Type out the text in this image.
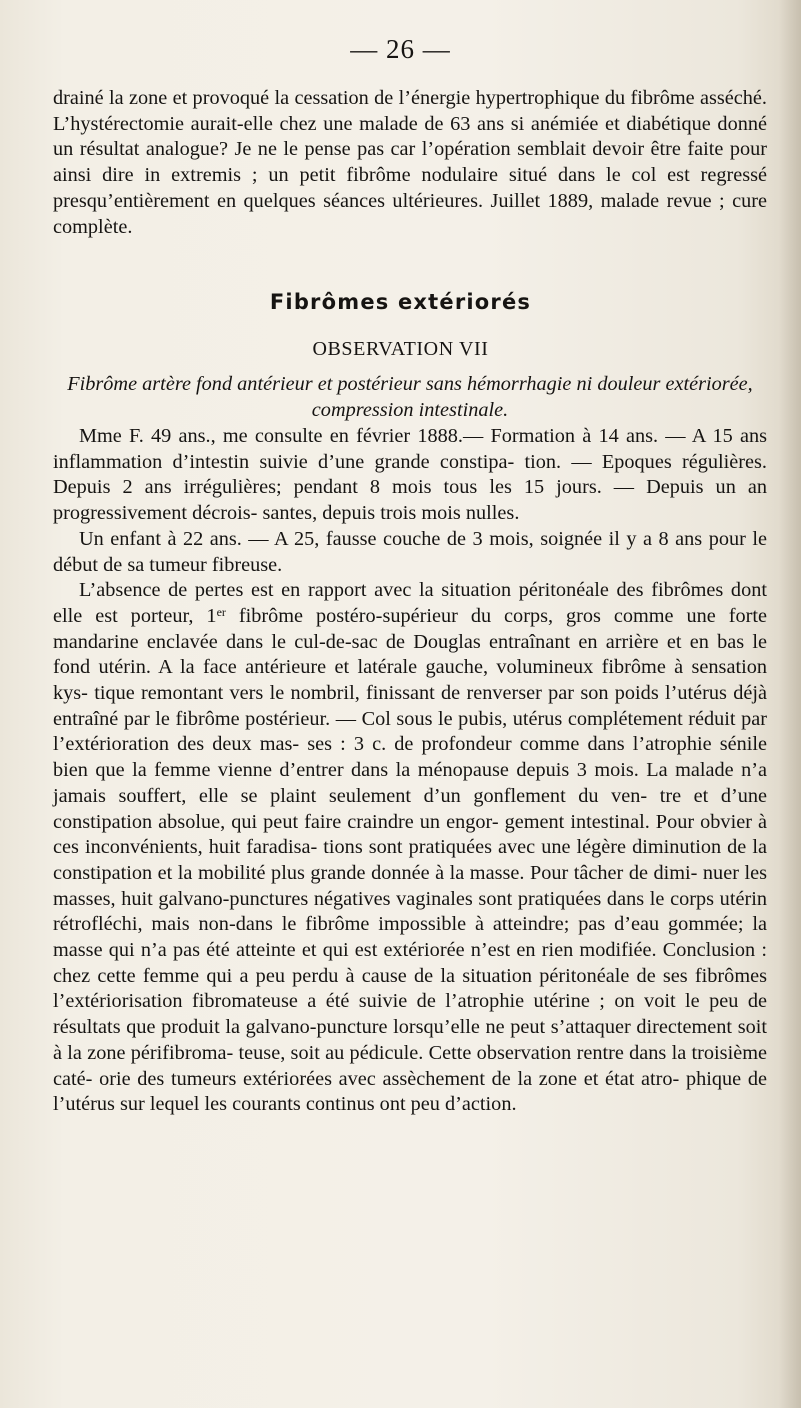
— 26 —

drainé la zone et provoqué la cessation de l’énergie hypertrophique du fibrôme asséché. L’hystérectomie aurait-elle chez une malade de 63 ans si anémiée et diabétique donné un résultat analogue? Je ne le pense pas car l’opération semblait devoir être faite pour ainsi dire in extremis ; un petit fibrôme nodulaire situé dans le col est regressé presqu’entièrement en quelques séances ultérieures. Juillet 1889, malade revue ; cure complète.

Fibrômes extériorés
OBSERVATION VII
Fibrôme artère fond antérieur et postérieur sans hémorrhagie ni douleur extériorée, compression intestinale.

Mme F. 49 ans., me consulte en février 1888.— Formation à 14 ans. — A 15 ans inflammation d’intestin suivie d’une grande constipa- tion. — Epoques régulières. Depuis 2 ans irrégulières; pendant 8 mois tous les 15 jours. — Depuis un an progressivement décrois- santes, depuis trois mois nulles.

Un enfant à 22 ans. — A 25, fausse couche de 3 mois, soignée il y a 8 ans pour le début de sa tumeur fibreuse.

L’absence de pertes est en rapport avec la situation péritonéale des fibrômes dont elle est porteur, 1er fibrôme postéro-supérieur du corps, gros comme une forte mandarine enclavée dans le cul-de-sac de Douglas entraînant en arrière et en bas le fond utérin. A la face antérieure et latérale gauche, volumineux fibrôme à sensation kys- tique remontant vers le nombril, finissant de renverser par son poids l’utérus déjà entraîné par le fibrôme postérieur. — Col sous le pubis, utérus complétement réduit par l’extérioration des deux mas- ses : 3 c. de profondeur comme dans l’atrophie sénile bien que la femme vienne d’entrer dans la ménopause depuis 3 mois. La malade n’a jamais souffert, elle se plaint seulement d’un gonflement du ven- tre et d’une constipation absolue, qui peut faire craindre un engor- gement intestinal. Pour obvier à ces inconvénients, huit faradisa- tions sont pratiquées avec une légère diminution de la constipation et la mobilité plus grande donnée à la masse. Pour tâcher de dimi- nuer les masses, huit galvano-punctures négatives vaginales sont pratiquées dans le corps utérin rétrofléchi, mais non-dans le fibrôme impossible à atteindre; pas d’eau gommée; la masse qui n’a pas été atteinte et qui est extériorée n’est en rien modifiée. Conclusion : chez cette femme qui a peu perdu à cause de la situation péritonéale de ses fibrômes l’extériorisation fibromateuse a été suivie de l’atrophie utérine ; on voit le peu de résultats que produit la galvano-puncture lorsqu’elle ne peut s’attaquer directement soit à la zone périfibroma- teuse, soit au pédicule. Cette observation rentre dans la troisième caté- orie des tumeurs extériorées avec assèchement de la zone et état atro- phique de l’utérus sur lequel les courants continus ont peu d’action.
